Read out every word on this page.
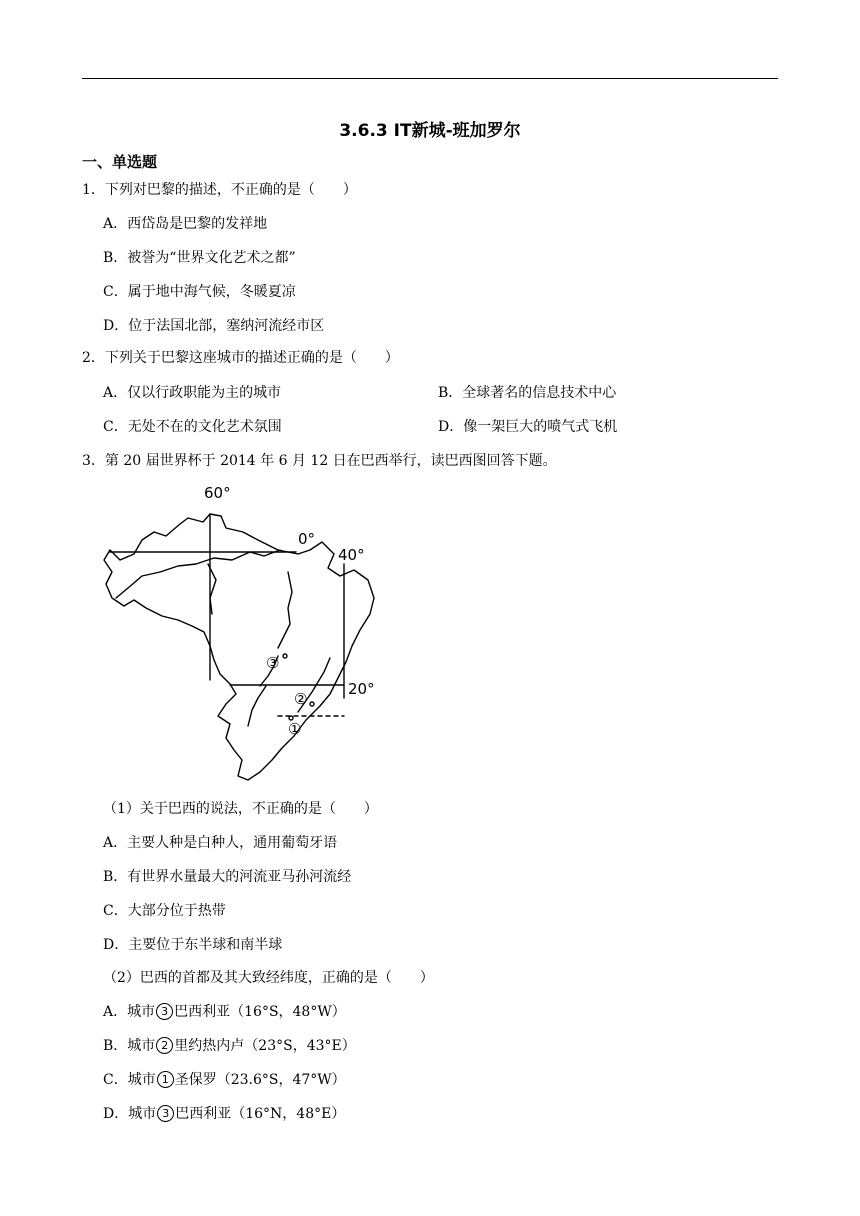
3.6.3 IT新城-班加罗尔
一、单选题
1．下列对巴黎的描述，不正确的是（　　）
A．西岱岛是巴黎的发祥地
B．被誉为“世界文化艺术之都”
C．属于地中海气候，冬暖夏凉
D．位于法国北部，塞纳河流经市区
2．下列关于巴黎这座城市的描述正确的是（　　）
A．仅以行政职能为主的城市	B．全球著名的信息技术中心
C．无处不在的文化艺术氛围	D．像一架巨大的喷气式飞机
3．第 20 届世界杯于 2014 年 6 月 12 日在巴西举行，读巴西图回答下题。
60°
0°
40°
20°
③
②
①
（1）关于巴西的说法，不正确的是（　　）
A．主要人种是白种人，通用葡萄牙语
B．有世界水量最大的河流亚马孙河流经
C．大部分位于热带
D．主要位于东半球和南半球
（2）巴西的首都及其大致经纬度，正确的是（　　）
A．城市 3 巴西利亚（16°S，48°W）
B．城市 2 里约热内卢（23°S，43°E）
C．城市 1 圣保罗（23.6°S，47°W）
D．城市 3 巴西利亚（16°N，48°E）
